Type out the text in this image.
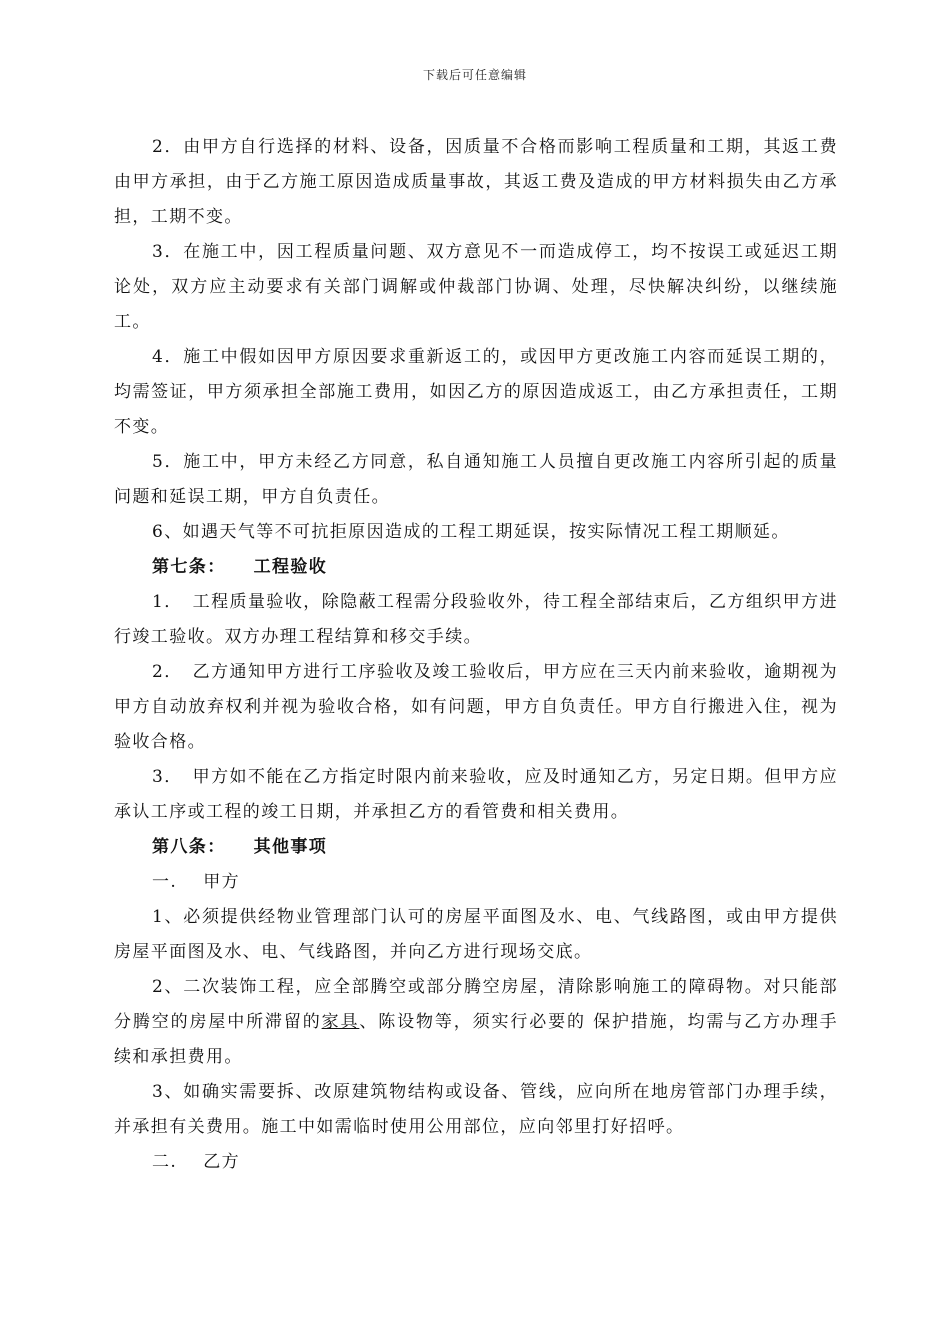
下载后可任意编辑

2．由甲方自行选择的材料、设备，因质量不合格而影响工程质量和工期，其返工费由甲方承担，由于乙方施工原因造成质量事故，其返工费及造成的甲方材料损失由乙方承担，工期不变。

3．在施工中，因工程质量问题、双方意见不一而造成停工，均不按误工或延迟工期论处，双方应主动要求有关部门调解或仲裁部门协调、处理，尽快解决纠纷，以继续施工。

4．施工中假如因甲方原因要求重新返工的，或因甲方更改施工内容而延误工期的，均需签证，甲方须承担全部施工费用，如因乙方的原因造成返工，由乙方承担责任，工期不变。

5．施工中，甲方未经乙方同意，私自通知施工人员擅自更改施工内容所引起的质量问题和延误工期，甲方自负责任。

6、如遇天气等不可抗拒原因造成的工程工期延误，按实际情况工程工期顺延。

第七条： 工程验收

1．　工程质量验收，除隐蔽工程需分段验收外，待工程全部结束后，乙方组织甲方进行竣工验收。双方办理工程结算和移交手续。

2．　乙方通知甲方进行工序验收及竣工验收后，甲方应在三天内前来验收，逾期视为甲方自动放弃权利并视为验收合格，如有问题，甲方自负责任。甲方自行搬进入住，视为验收合格。

3．　甲方如不能在乙方指定时限内前来验收，应及时通知乙方，另定日期。但甲方应承认工序或工程的竣工日期，并承担乙方的看管费和相关费用。

第八条： 其他事项

一. 甲方

1、必须提供经物业管理部门认可的房屋平面图及水、电、气线路图，或由甲方提供房屋平面图及水、电、气线路图，并向乙方进行现场交底。

2、二次装饰工程，应全部腾空或部分腾空房屋，清除影响施工的障碍物。对只能部分腾空的房屋中所滞留的家具、陈设物等，须实行必要的 保护措施，均需与乙方办理手续和承担费用。

3、如确实需要拆、改原建筑物结构或设备、管线，应向所在地房管部门办理手续，并承担有关费用。施工中如需临时使用公用部位，应向邻里打好招呼。

二. 乙方
